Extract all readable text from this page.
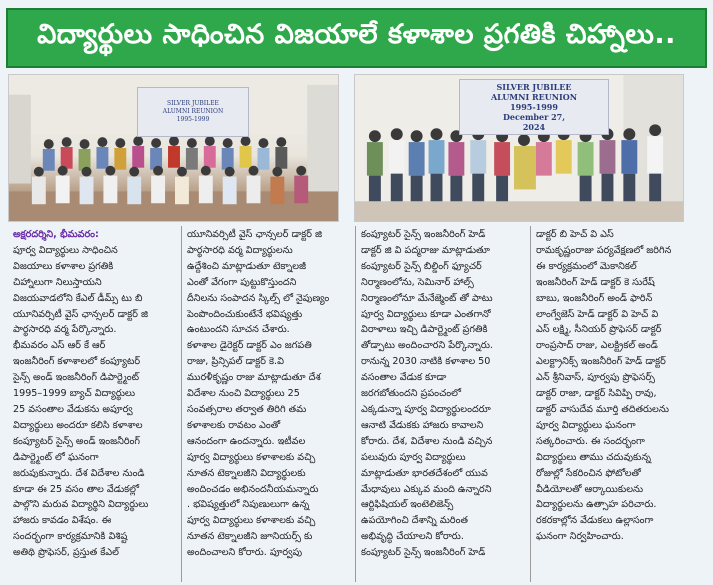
విద్యార్థులు సాధించిన విజయాలే కళాశాల ప్రగతికి చిహ్నాలు..
SILVER JUBILEE
ALUMNI REUNION
1995-1999
SILVER JUBILEE
ALUMNI REUNION
1995-1999
December 27,
2024
అక్షరదర్శిని, భీమవరం:
పూర్వ విద్యార్థులు సాధించిన
విజయాలు కళాశాల ప్రగతికి
చిహ్నాలుగా నిలుస్తాయని
విజయవాడలోని కేఎల్ డీమ్స్ టు బి
యూనివర్సిటీ వైస్ ఛాన్సలర్ డాక్టర్ జి
పార్థసారధి వర్మ పేర్కొన్నారు.
భీమవరం ఎస్ ఆర్ కే ఆర్
ఇంజనీరింగ్ కళాశాలలో కంప్యూటర్
సైన్స్ అండ్ ఇంజనీరింగ్ డిపార్ట్మెంట్
1995–1999 బ్యాచ్ విద్యార్థులు
25 వసంతాల వేడుకను అపూర్వ
విద్యార్థులు అందరూ కలిసి కళాశాల
కంప్యూటర్ సైన్స్ అండ్ ఇంజనీరింగ్
డిపార్ట్మెంట్ లో ఘనంగా
జరుపుకున్నారు. దేశ విదేశాల నుండి
కూడా ఈ 25 వసం తాల వేడుకల్లో
పాల్గొని మరువ విద్యార్థిని విద్యార్థులు
హాజరు కావడం విశేషం. ఈ
సందర్భంగా కార్యక్రమానికి విశిష్ట
అతిథి ప్రొఫెసర్, ప్రస్తుత కేఎల్
యూనివర్సిటీ వైస్ ఛాన్సలర్ డాక్టర్ జి
పార్థసారధి వర్మ విద్యార్థులను
ఉద్దేశించి మాట్లాడుతూ టెక్నాలజీ
ఎంతో వేగంగా పుట్టుకొస్తుందని
దీనిలను సంపాదన స్కిల్స్ లో నైపుణ్యం
పెంపొందించుకుంటేనే భవిష్యత్తు
ఉంటుందని సూచన చేశారు.
కళాశాల డైరెక్టర్ డాక్టర్ ఎం జగపతి
రాజు, ప్రిన్సిపల్ డాక్టర్ కె.వి
మురళీకృష్ణం రాజు మాట్లాడుతూ దేశ
విదేశాల నుంచి విద్యార్థులు 25
సంవత్సరాల తర్వాత తిరిగి తమ
కళాశాలకు రావటం ఎంతో
ఆనందంగా ఉందన్నారు. ఇటీవల
పూర్వ విద్యార్థులు కళాశాలకు వచ్చి
నూతన టెక్నాలజీని విద్యార్థులకు
అందించడం అభినందనీయమన్నారు
. భవిష్యత్తులో నిపుణులుగా ఉన్న
పూర్వ విద్యార్థులు కళాశాలకు వచ్చి
నూతన టెక్నాలజీని జూనియర్స్ కు
అందించాలని కోరారు. పూర్వపు
కంప్యూటర్ సైన్స్ ఇంజనీరింగ్ హెడ్
డాక్టర్ జి వి పద్మరాజు మాట్లాడుతూ
కంప్యూటర్ సైన్స్ బిల్డింగ్ ఫ్యూచర్
నిర్మాణంలోను, సెమినార్ హాల్స్
నిర్మాణంలోనూ మేనేజ్మెంట్ తో పాటు
పూర్వ విద్యార్థులు కూడా ఎంతగానో
విరాళాలు ఇచ్చి డిపార్ట్మెంట్ ప్రగతికి
తోడ్పాటు అందించారని పేర్కొన్నారు.
రానున్న 2030 నాటికి కళాశాల 50
వసంతాల వేడుక కూడా
జరగబోతుందని ప్రపంచంలో
ఎక్కడున్నా పూర్వ విద్యార్థులందరూ
ఆనాటి వేడుకకు హాజరు కావాలని
కోరారు. దేశ, విదేశాల నుండి వచ్చిన
పలువురు పూర్వ విద్యార్థులు
మాట్లాడుతూ భారతదేశంలో యువ
మేధావులు ఎక్కువ మంది ఉన్నారని
ఆర్టిఫిషియల్ ఇంటెలిజెన్స్
ఉపయోగించి దేశాన్ని మరింత
అభివృద్ధి చేయాలని కోరారు.
కంప్యూటర్ సైన్స్ ఇంజనీరింగ్ హెడ్
డాక్టర్ బి హెచ్ వి ఎస్
రామకృష్ణంరాజు పర్యవేక్షణలో జరిగిన
ఈ కార్యక్రమంలో మెకానికల్
ఇంజనీరింగ్ హెడ్ డాక్టర్ కె సురేష్
బాబు, ఇంజనీరింగ్ అండ్ ఫారిన్
లాంగ్వేజెస్ హెడ్ డాక్టర్ వి హెచ్ వి
ఎస్ లక్ష్మి, సీనియర్ ప్రొఫెసర్ డాక్టర్
రాంప్రసాద్ రాజు, ఎలక్ట్రికల్ అండ్
ఎలక్ట్రానిక్స్ ఇంజనీరింగ్ హెడ్ డాక్టర్
ఎన్ శ్రీనివాస్, పూర్వపు ప్రొఫెసర్స్
డాక్టర్ రాజా, డాక్టర్ సివిప్పి రావు,
డాక్టర్ వాసుదేవ మూర్తి తదితరులను
పూర్వ విద్యార్థులు ఘనంగా
సత్కరించారు. ఈ సందర్భంగా
విద్యార్థులు తాము చదువుకున్న
రోజుల్లో సేకరించిన ఫోటోలతో
వీడియోలతో ఆర్కాయికులను
విద్యార్థులను ఉత్సాహ పరిచారు.
రకరకాల్లోన వేడుకలు ఉల్లాసంగా
ఘనంగా నిర్వహించారు.
